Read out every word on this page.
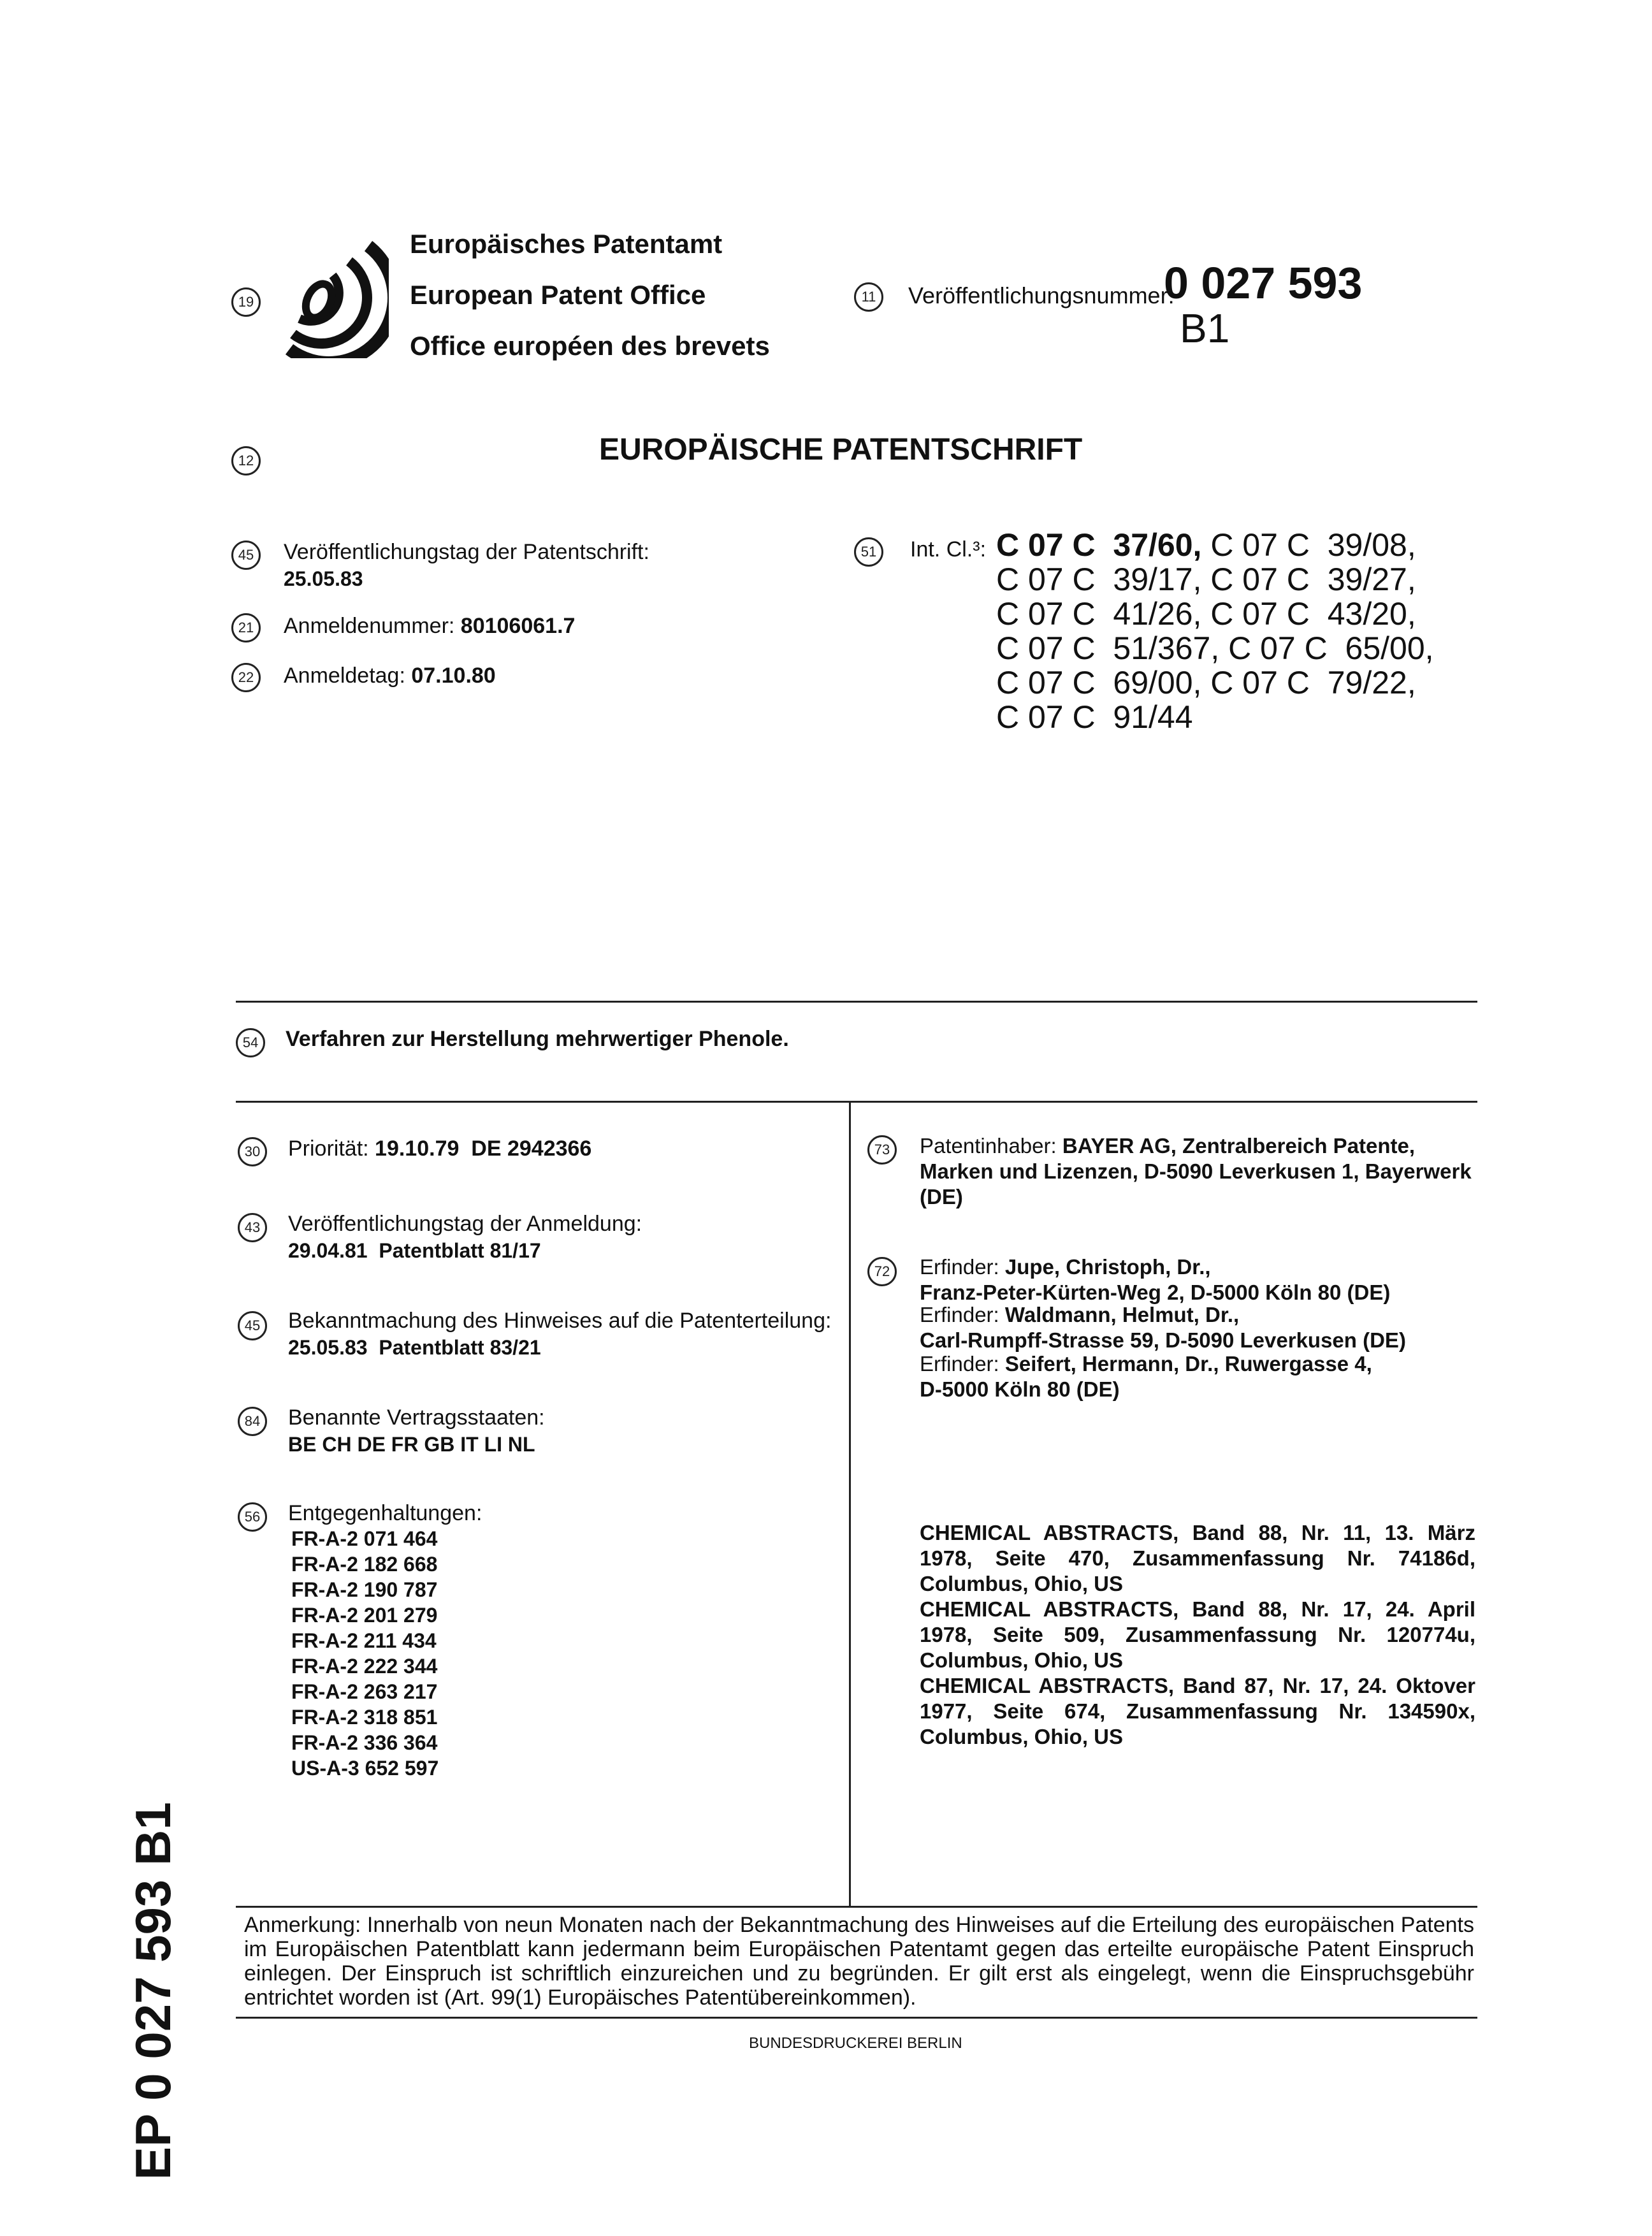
19
Europäisches Patentamt
European Patent Office
Office européen des brevets
11	Veröffentlichungsnummer:
0 027 593
B1
12	EUROPÄISCHE PATENTSCHRIFT
45	Veröffentlichungstag der Patentschrift:
25.05.83
21	Anmeldenummer: 80106061.7
22	Anmeldetag: 07.10.80
51	Int. Cl.³: C 07 C  37/60, C 07 C  39/08,
C 07 C  39/17, C 07 C  39/27,
C 07 C  41/26, C 07 C  43/20,
C 07 C  51/367, C 07 C  65/00,
C 07 C  69/00, C 07 C  79/22,
C 07 C  91/44
54	Verfahren zur Herstellung mehrwertiger Phenole.
30	Priorität: 19.10.79  DE 2942366
43	Veröffentlichungstag der Anmeldung:
29.04.81  Patentblatt 81/17
45	Bekanntmachung des Hinweises auf die Patenterteilung:
25.05.83  Patentblatt 83/21
84	Benannte Vertragsstaaten:
BE CH DE FR GB IT LI NL
56	Entgegenhaltungen:
FR-A-2 071 464
FR-A-2 182 668
FR-A-2 190 787
FR-A-2 201 279
FR-A-2 211 434
FR-A-2 222 344
FR-A-2 263 217
FR-A-2 318 851
FR-A-2 336 364
US-A-3 652 597
73	Patentinhaber: BAYER AG, Zentralbereich Patente,
Marken und Lizenzen, D-5090 Leverkusen 1, Bayerwerk
(DE)
72	Erfinder: Jupe, Christoph, Dr.,
Franz-Peter-Kürten-Weg 2, D-5000 Köln 80 (DE)
Erfinder: Waldmann, Helmut, Dr.,
Carl-Rumpff-Strasse 59, D-5090 Leverkusen (DE)
Erfinder: Seifert, Hermann, Dr., Ruwergasse 4,
D-5000 Köln 80 (DE)
CHEMICAL ABSTRACTS, Band 88, Nr. 11, 13. März 1978, Seite 470, Zusammenfassung Nr. 74186d, Columbus, Ohio, US
CHEMICAL ABSTRACTS, Band 88, Nr. 17, 24. April 1978, Seite 509, Zusammenfassung Nr. 120774u, Columbus, Ohio, US
CHEMICAL ABSTRACTS, Band 87, Nr. 17, 24. Oktover 1977, Seite 674, Zusammenfassung Nr. 134590x, Columbus, Ohio, US
EP 0 027 593 B1	Anmerkung: Innerhalb von neun Monaten nach der Bekanntmachung des Hinweises auf die Erteilung des europäischen Patents im Europäischen Patentblatt kann jedermann beim Europäischen Patentamt gegen das erteilte europäische Patent Einspruch einlegen. Der Einspruch ist schriftlich einzureichen und zu begründen. Er gilt erst als eingelegt, wenn die Einspruchsgebühr entrichtet worden ist (Art. 99(1) Europäisches Patentübereinkommen).
BUNDESDRUCKEREI BERLIN
